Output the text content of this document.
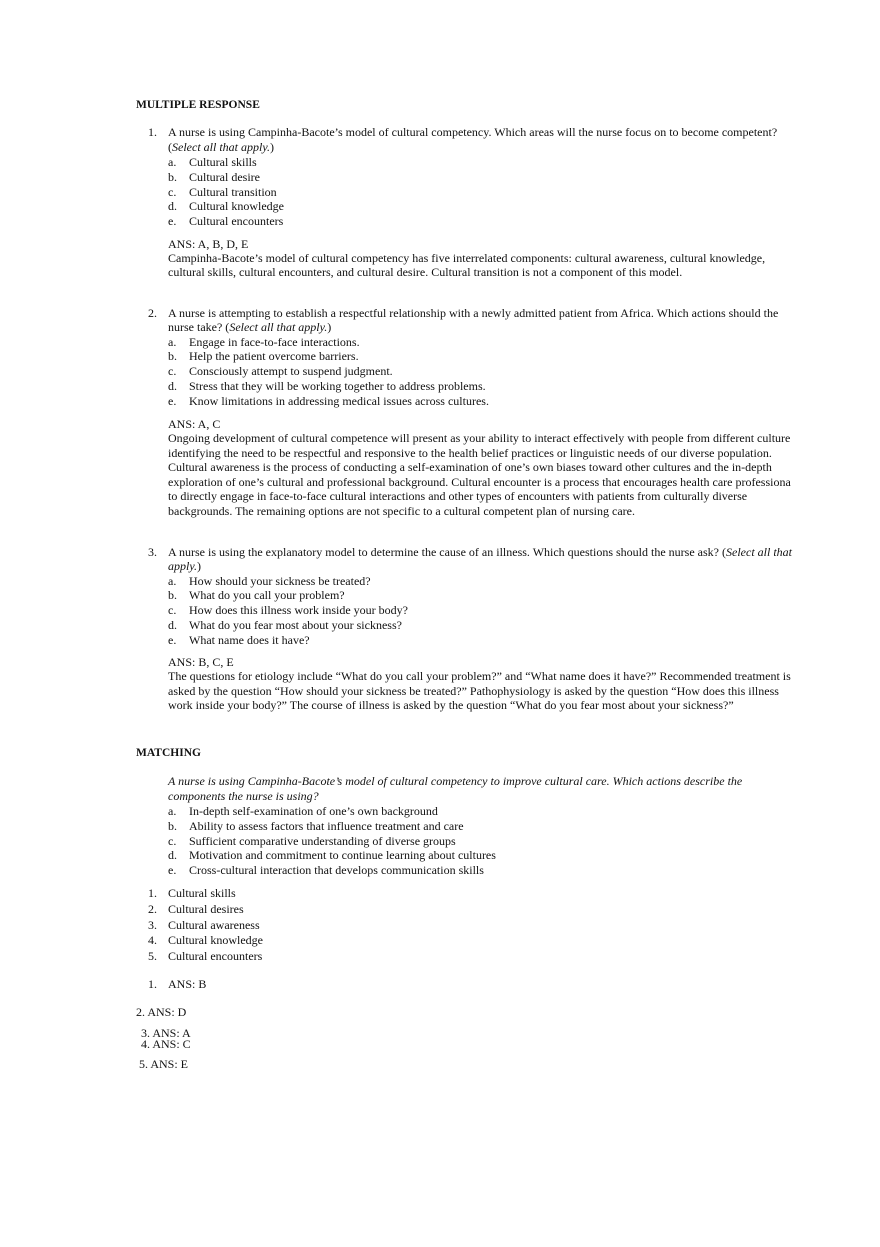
MULTIPLE RESPONSE
1. A nurse is using Campinha-Bacote’s model of cultural competency. Which areas will the nurse focus on to become competent?
(Select all that apply.)
a. Cultural skills
b. Cultural desire
c. Cultural transition
d. Cultural knowledge
e. Cultural encounters
ANS: A, B, D, E
Campinha-Bacote’s model of cultural competency has five interrelated components: cultural awareness, cultural knowledge,
cultural skills, cultural encounters, and cultural desire. Cultural transition is not a component of this model.
2. A nurse is attempting to establish a respectful relationship with a newly admitted patient from Africa. Which actions should the
nurse take? (Select all that apply.)
a. Engage in face-to-face interactions.
b. Help the patient overcome barriers.
c. Consciously attempt to suspend judgment.
d. Stress that they will be working together to address problems.
e. Know limitations in addressing medical issues across cultures.
ANS: A, C
Ongoing development of cultural competence will present as your ability to interact effectively with people from different culture
identifying the need to be respectful and responsive to the health belief practices or linguistic needs of our diverse population.
Cultural awareness is the process of conducting a self-examination of one’s own biases toward other cultures and the in-depth
exploration of one’s cultural and professional background. Cultural encounter is a process that encourages health care professiona
to directly engage in face-to-face cultural interactions and other types of encounters with patients from culturally diverse
backgrounds. The remaining options are not specific to a cultural competent plan of nursing care.
3. A nurse is using the explanatory model to determine the cause of an illness. Which questions should the nurse ask? (Select all that
apply.)
a. How should your sickness be treated?
b. What do you call your problem?
c. How does this illness work inside your body?
d. What do you fear most about your sickness?
e. What name does it have?
ANS: B, C, E
The questions for etiology include “What do you call your problem?” and “What name does it have?” Recommended treatment is
asked by the question “How should your sickness be treated?” Pathophysiology is asked by the question “How does this illness
work inside your body?” The course of illness is asked by the question “What do you fear most about your sickness?”
MATCHING
A nurse is using Campinha-Bacote’s model of cultural competency to improve cultural care. Which actions describe the
components the nurse is using?
a. In-depth self-examination of one’s own background
b. Ability to assess factors that influence treatment and care
c. Sufficient comparative understanding of diverse groups
d. Motivation and commitment to continue learning about cultures
e. Cross-cultural interaction that develops communication skills
1. Cultural skills
2. Cultural desires
3. Cultural awareness
4. Cultural knowledge
5. Cultural encounters
1. ANS: B
2. ANS: D
3. ANS: A
4. ANS: C
5. ANS: E
